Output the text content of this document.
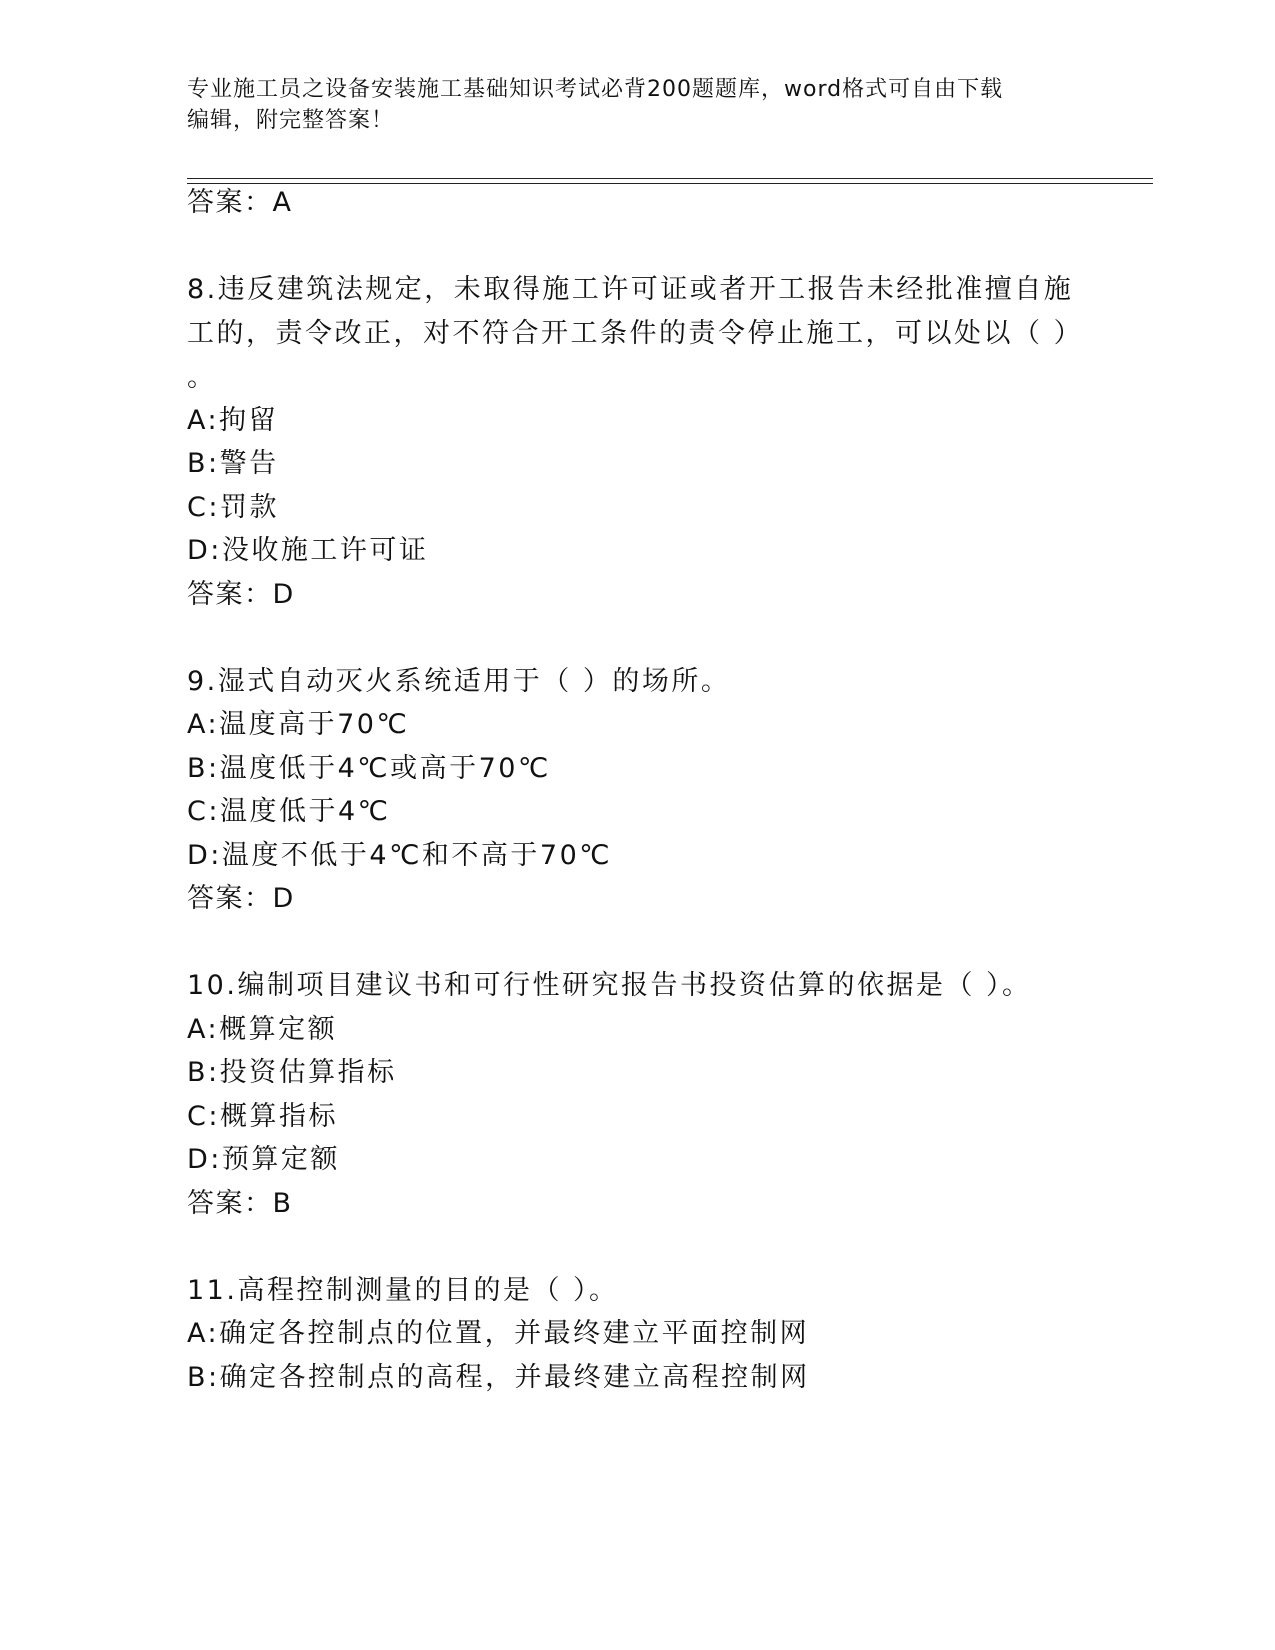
专业施工员之设备安装施工基础知识考试必背200题题库，word格式可自由下载
编辑，附完整答案！
答案：A
8.违反建筑法规定，未取得施工许可证或者开工报告未经批准擅自施
工的，责令改正，对不符合开工条件的责令停止施工，可以处以（ ）
。
A:拘留
B:警告
C:罚款
D:没收施工许可证
答案：D
9.湿式自动灭火系统适用于（ ）的场所。
A:温度高于70℃
B:温度低于4℃或高于70℃
C:温度低于4℃
D:温度不低于4℃和不高于70℃
答案：D
10.编制项目建议书和可行性研究报告书投资估算的依据是（ ）。
A:概算定额
B:投资估算指标
C:概算指标
D:预算定额
答案：B
11.高程控制测量的目的是（ ）。
A:确定各控制点的位置，并最终建立平面控制网
B:确定各控制点的高程，并最终建立高程控制网
